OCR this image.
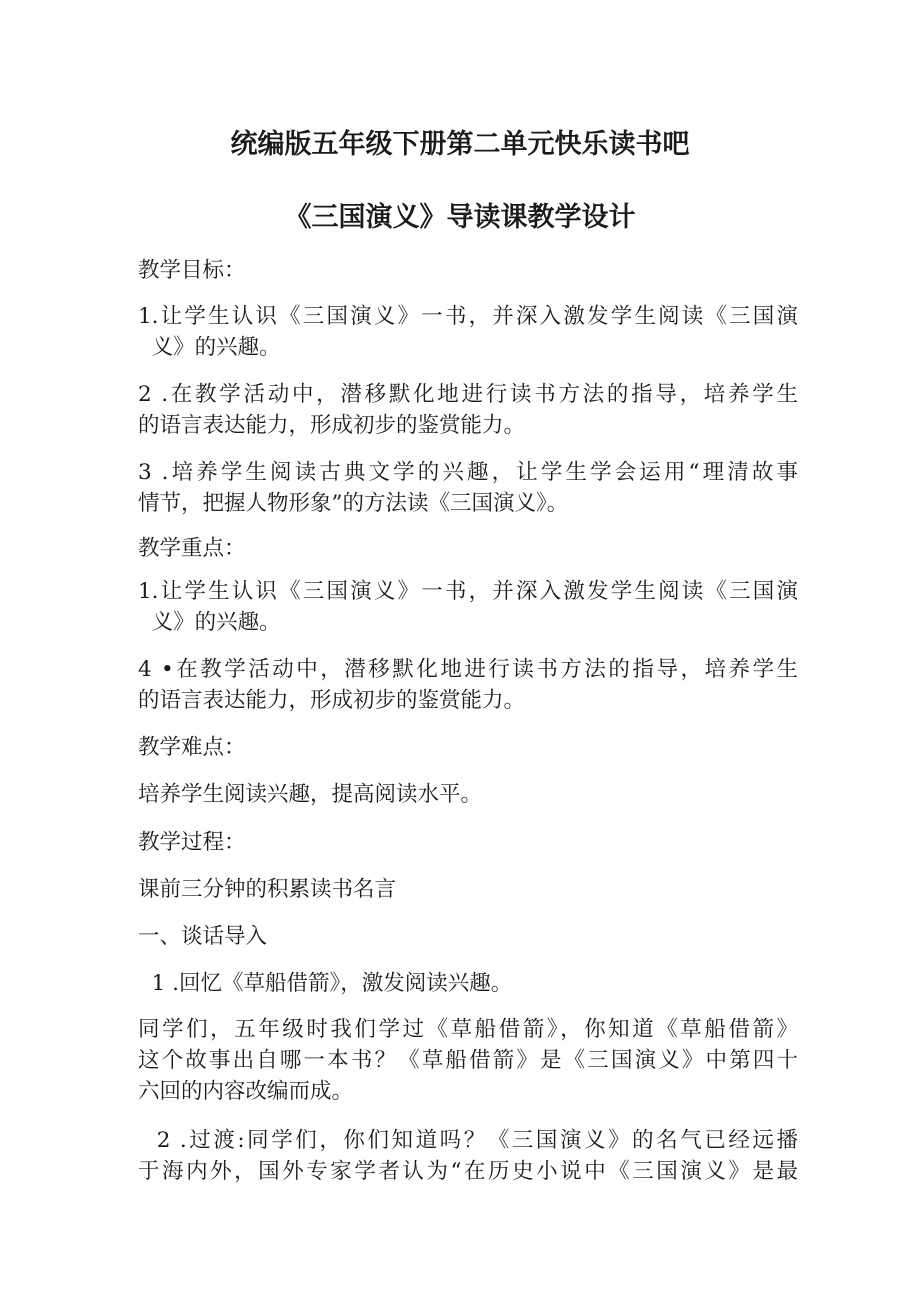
统编版五年级下册第二单元快乐读书吧
《三国演义》导读课教学设计
教学目标：
1.让学生认识《三国演义》一书，并深入激发学生阅读《三国演
义》的兴趣。
2 .在教学活动中，潜移默化地进行读书方法的指导，培养学生
的语言表达能力，形成初步的鉴赏能力。
3 .培养学生阅读古典文学的兴趣，让学生学会运用“理清故事
情节，把握人物形象”的方法读《三国演义》。
教学重点：
1.让学生认识《三国演义》一书，并深入激发学生阅读《三国演
义》的兴趣。
4 •在教学活动中，潜移默化地进行读书方法的指导，培养学生
的语言表达能力，形成初步的鉴赏能力。
教学难点：
培养学生阅读兴趣，提高阅读水平。
教学过程：
课前三分钟的积累读书名言
一、谈话导入
1 .回忆《草船借箭》，激发阅读兴趣。
同学们，五年级时我们学过《草船借箭》，你知道《草船借箭》
这个故事出自哪一本书？《草船借箭》是《三国演义》中第四十
六回的内容改编而成。
2 .过渡:同学们，你们知道吗？《三国演义》的名气已经远播
于海内外，国外专家学者认为“在历史小说中《三国演义》是最
